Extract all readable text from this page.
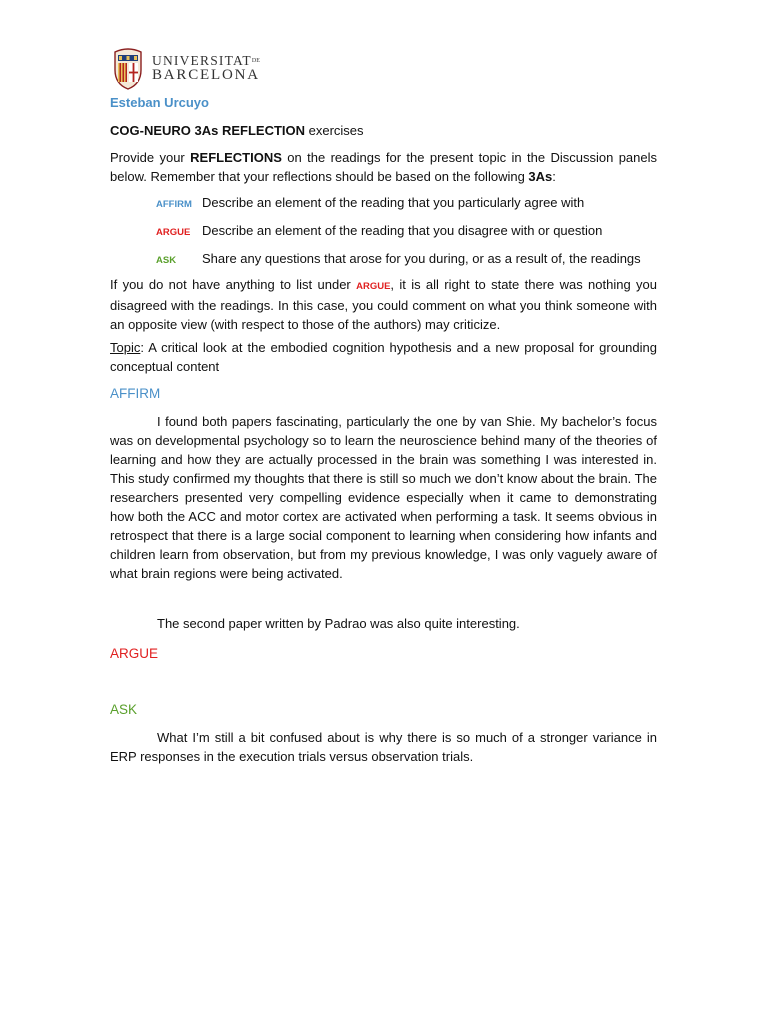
$UNIVERSITAT^{DE}$
BARCELONA

Esteban Urcuyo

COG-NEURO 3As REFLECTION exercises

Provide your REFLECTIONS on the readings for the present topic in the Discussion panels below. Remember that your reflections should be based on the following 3As:

AFFIRM Describe an element of the reading that you particularly agree with
ARGUE Describe an element of the reading that you disagree with or question
ASK	Share any questions that arose for you during, or as a result of, the readings

If you do not have anything to list under ARGUE, it is all right to state there was nothing you disagreed with the readings. In this case, you could comment on what you think someone with an opposite view (with respect to those of the authors) may criticize.

Topic: A critical look at the embodied cognition hypothesis and a new proposal for grounding conceptual content

AFFIRM

I found both papers fascinating, particularly the one by van Shie. My bachelor’s focus was on developmental psychology so to learn the neuroscience behind many of the theories of learning and how they are actually processed in the brain was something I was interested in. This study confirmed my thoughts that there is still so much we don’t know about the brain. The researchers presented very compelling evidence especially when it came to demonstrating how both the ACC and motor cortex are activated when performing a task. It seems obvious in retrospect that there is a large social component to learning when considering how infants and children learn from observation, but from my previous knowledge, I was only vaguely aware of what brain regions were being activated.

The second paper written by Padrao was also quite interesting.

ARGUE

ASK

What I’m still a bit confused about is why there is so much of a stronger variance in ERP responses in the execution trials versus observation trials.
